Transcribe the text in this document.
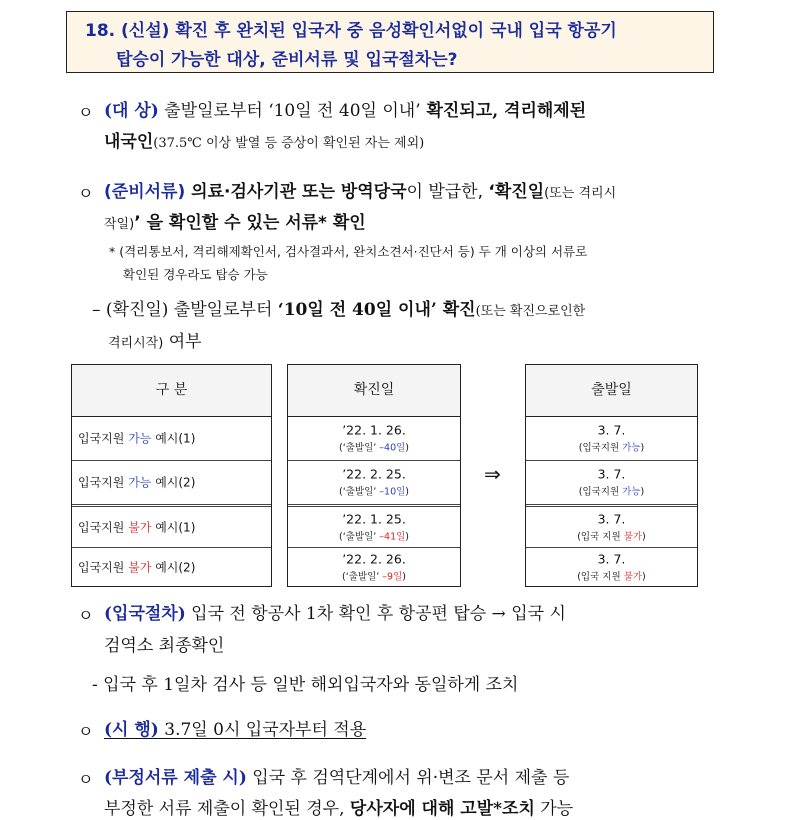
18. (신설) 확진 후 완치된 입국자 중 음성확인서없이 국내 입국 항공기
탑승이 가능한 대상, 준비서류 및 입국절차는?
ㅇ (대 상) 출발일로부터 ‘10일 전 40일 이내’ 확진되고, 격리해제된
내국인(37.5℃ 이상 발열 등 증상이 확인된 자는 제외)
ㅇ (준비서류) 의료·검사기관 또는 방역당국이 발급한, ‘확진일(또는 격리시
작일)’ 을 확인할 수 있는 서류* 확인
* (격리통보서, 격리해제확인서, 검사결과서, 완치소견서·진단서 등) 두 개 이상의 서류로
확인된 경우라도 탑승 가능
– (확진일) 출발일로부터 ‘10일 전 40일 이내’ 확진(또는 확진으로인한
격리시작) 여부
구 분
입국지원 가능 예시(1)
입국지원 가능 예시(2)
입국지원 불가 예시(1)
입국지원 불가 예시(2)
확진일
’22. 1. 26.
(‘출발일’ –40일)
’22. 2. 25.
(‘출발일’ –10일)
’22. 1. 25.
(‘출발일’ –41일)
’22. 2. 26.
(‘출발일’ –9일)
⇒
출발일
3. 7.
(입국지원 가능)
3. 7.
(입국지원 가능)
3. 7.
(입국 지원 불가)
3. 7.
(입국 지원 불가)
ㅇ (입국절차) 입국 전 항공사 1차 확인 후 항공편 탑승 → 입국 시
검역소 최종확인
- 입국 후 1일차 검사 등 일반 해외입국자와 동일하게 조치
ㅇ (시 행) 3.7일 0시 입국자부터 적용
ㅇ (부정서류 제출 시) 입국 후 검역단계에서 위·변조 문서 제출 등
부정한 서류 제출이 확인된 경우, 당사자에 대해 고발*조치 가능
